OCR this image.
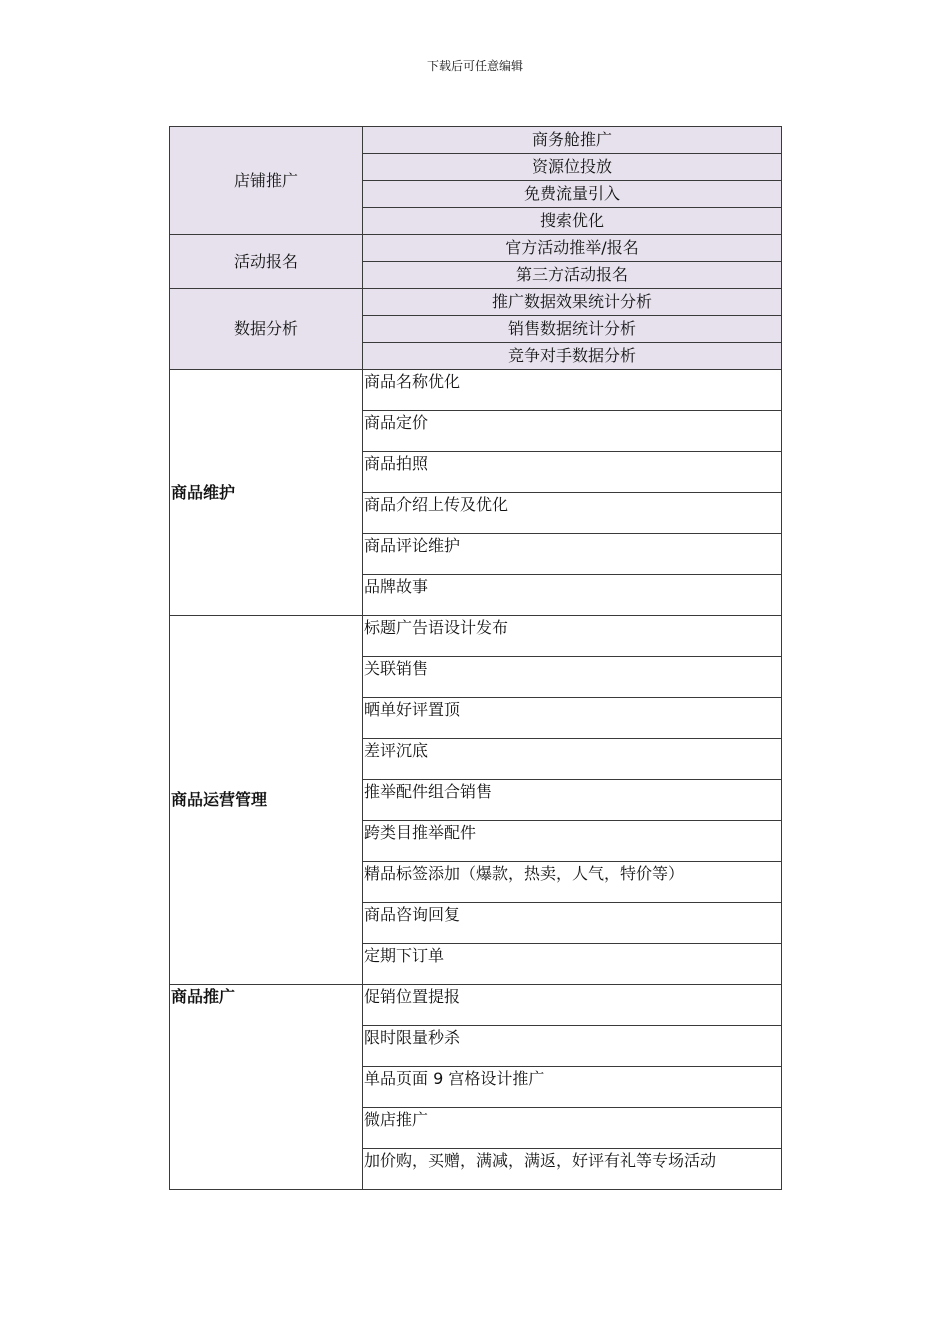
下载后可任意编辑
店铺推广	商务舱推广
	资源位投放
	免费流量引入
	搜索优化
活动报名	官方活动推举/报名
	第三方活动报名
数据分析	推广数据效果统计分析
	销售数据统计分析
	竞争对手数据分析
商品维护	商品名称优化
	商品定价
	商品拍照
	商品介绍上传及优化
	商品评论维护
	品牌故事
商品运营管理	标题广告语设计发布
	关联销售
	晒单好评置顶
	差评沉底
	推举配件组合销售
	跨类目推举配件
	精品标签添加（爆款，热卖，人气，特价等）
	商品咨询回复
	定期下订单
商品推广	促销位置提报
	限时限量秒杀
	单品页面 9 宫格设计推广
	微店推广
	加价购，买赠，满减，满返，好评有礼等专场活动
